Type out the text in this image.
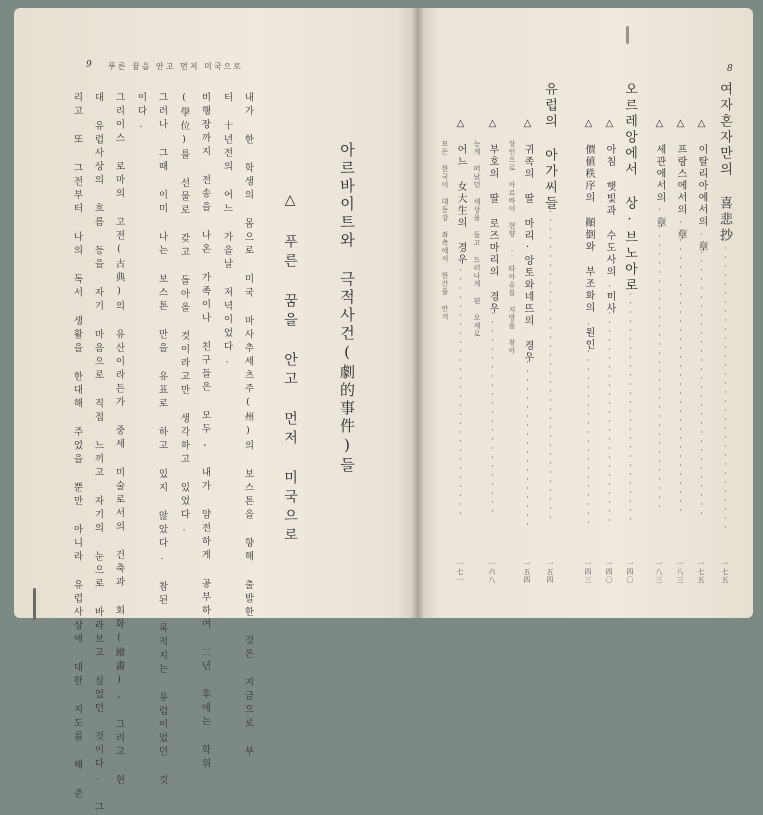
9 푸른 꿈을 안고 먼저 미국으로
아르바이트와 극적사건(劇的事件)들
△ 푸른 꿈을 안고 먼저 미국으로
내가 한 학생의 몸으로 미국 마사추세츠주(州)의 보스톤을 향해 출발한 것은 지금으로 부
터 十년전의 어느 가을날 저녁이었다.
비행장까지 전송을 나온 가족이나 친구들은 모두, 내가 얌전하게 공부하여 二년 후에는 학위
(學位)를 선물로 갖고 돌아올 것이라고만 생각하고 있었다.
그러나 그때 이미 나는 보스톤 만을 유표로 하고 있지 않았다. 참된 목적지는 유럽이었던 것
이다.
그리이스 로마의 고전(古典)의 유산이라든가 중세 미술로서의 건축과 회화(繪畵), 그리고 현
대 유럽사상의 흐름 등을 자기 마음으로 직접 느끼고 자기의 눈으로 바라보고 싶었던 것이다. 그
리고 또 그전부터 나의 독서 생활을 한대해 주었을 뿐만 아니라 유럽사상에 대한 지도를 해 준
8
여자혼자만의 喜悲抄
··································
一七五
△ 이탈리아에서의 章
································
一七五
△ 프랑스에서의 章
·································
一八三
△ 세관에서의 章
··································
一八三
오르레앙에서 상·브노아로
··························
一四〇
△ 아침 햇빛과 수도사의 미사
···························
一四〇
△ 價値秩序의 顚倒와 부조화의 원인
·······················
一四三
유럽의 아가씨들
····································
一五四
△ 귀족의 딸 마리·앙토와네뜨의 경우
·····················
一五四
상인으로 아르바이 현양 · 타아슈를 지방을 찾아
△ 부호의 딸 로즈마리의 경우
························
一六八
능게 떠났던 세상을 돌고 드러나게 된 오제로
△ 어느 女大生의 경우
······························
一七一
모든 한국이 대동강 좌측에서 한간을 안겨
